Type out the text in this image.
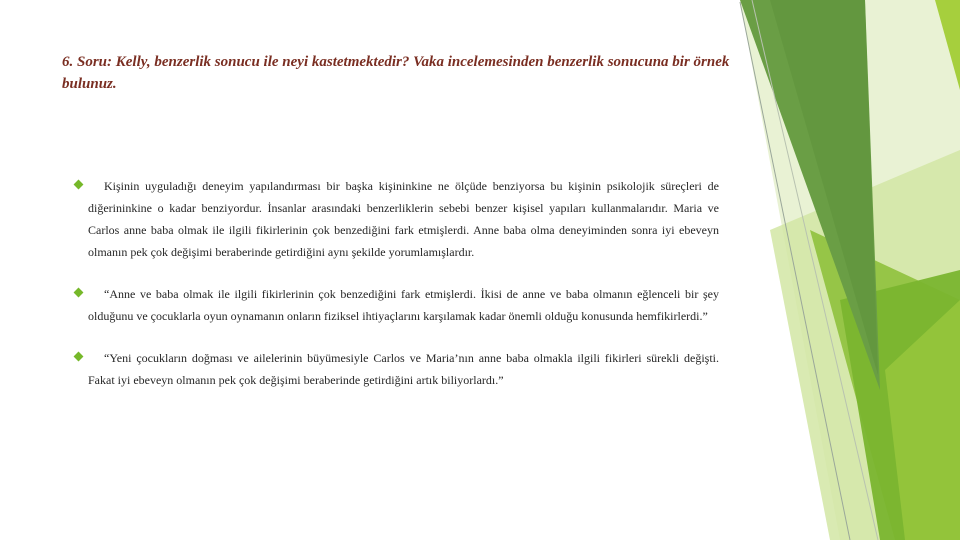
6. Soru: Kelly, benzerlik sonucu ile neyi kastetmektedir? Vaka incelemesinden benzerlik sonucuna bir örnek bulunuz.
Kişinin uyguladığı deneyim yapılandırması bir başka kişininkine ne ölçüde benziyorsa bu kişinin psikolojik süreçleri de diğerininkine o kadar benziyordur. İnsanlar arasındaki benzerliklerin sebebi benzer kişisel yapıları kullanmalarıdır. Maria ve Carlos anne baba olmak ile ilgili fikirlerinin çok benzediğini fark etmişlerdi. Anne baba olma deneyiminden sonra iyi ebeveyn olmanın pek çok değişimi beraberinde getirdiğini aynı şekilde yorumlamışlardır.
“Anne ve baba olmak ile ilgili fikirlerinin çok benzediğini fark etmişlerdi. İkisi de anne ve baba olmanın eğlenceli bir şey olduğunu ve çocuklarla oyun oynamanın onların fiziksel ihtiyaçlarını karşılamak kadar önemli olduğu konusunda hemfikirlerdi.”
“Yeni çocukların doğması ve ailelerinin büyümesiyle Carlos ve Maria’nın anne baba olmakla ilgili fikirleri sürekli değişti. Fakat iyi ebeveyn olmanın pek çok değişimi beraberinde getirdiğini artık biliyorlardı.”
